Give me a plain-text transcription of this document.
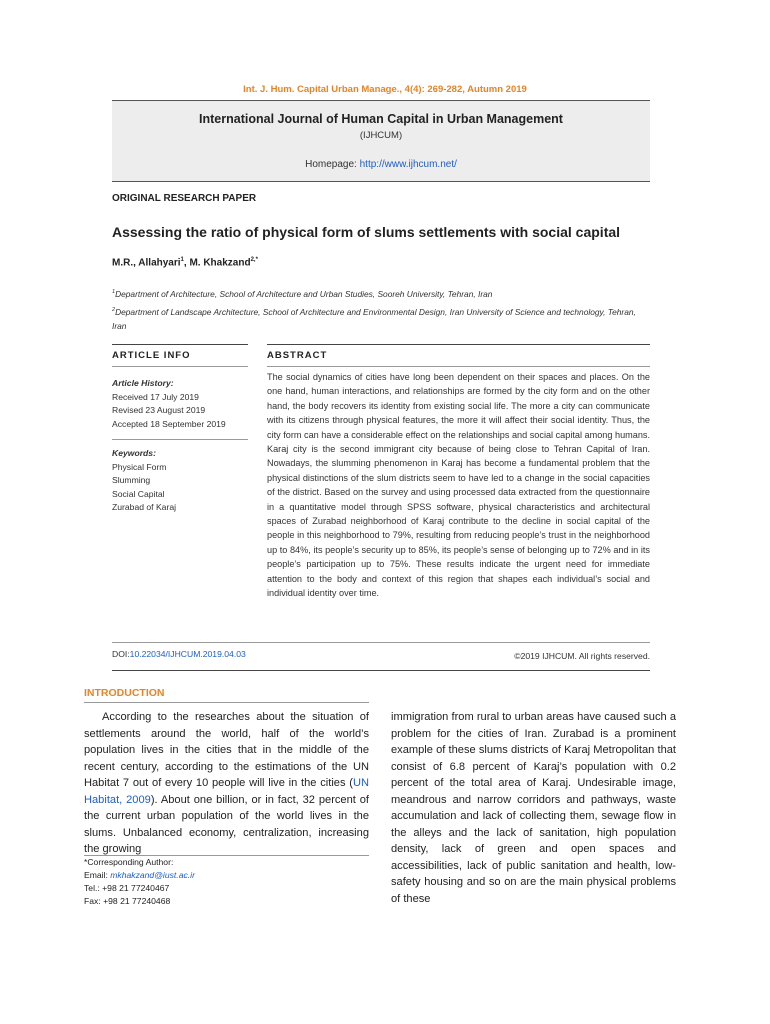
Int. J. Hum. Capital Urban Manage., 4(4): 269-282, Autumn 2019
International Journal of Human Capital in Urban Management
(IJHCUM)
Homepage: http://www.ijhcum.net/
ORIGINAL RESEARCH PAPER
Assessing the ratio of physical form of slums settlements with social capital
M.R., Allahyari$^1$, M. Khakzand$^{2,*}$
$^1$Department of Architecture, School of Architecture and Urban Studies, Sooreh University, Tehran, Iran
$^2$Department of Landscape Architecture, School of Architecture and Environmental Design, Iran University of Science and technology, Tehran, Iran
ARTICLE INFO	ABSTRACT
Article History:
Received 17 July 2019
Revised 23 August 2019
Accepted 18 September 2019
Keywords:
Physical Form
Slumming
Social Capital
Zurabad of Karaj
The social dynamics of cities have long been dependent on their spaces and places. On the one hand, human interactions, and relationships are formed by the city form and on the other hand, the body recovers its identity from existing social life. The more a city can communicate with its citizens through physical features, the more it will affect their social identity. Thus, the city form can have a considerable effect on the relationships and social capital among humans. Karaj city is the second immigrant city because of being close to Tehran Capital of Iran. Nowadays, the slumming phenomenon in Karaj has become a fundamental problem that the physical distinctions of the slum districts seem to have led to a change in the social capacities of the district. Based on the survey and using processed data extracted from the questionnaire in a quantitative model through SPSS software, physical characteristics and architectural spaces of Zurabad neighborhood of Karaj contribute to the decline in social capital of the people in this neighborhood to 79%, resulting from reducing people’s trust in the neighborhood up to 84%, its people’s security up to 85%, its people’s sense of belonging up to 72% and in its people’s participation up to 75%. These results indicate the urgent need for immediate attention to the body and context of this region that shapes each individual’s social and individual identity over time.
DOI:10.22034/IJHCUM.2019.04.03	©2019 IJHCUM. All rights reserved.
INTRODUCTION
According to the researches about the situation of settlements around the world, half of the world’s population lives in the cities that in the middle of the recent century, according to the estimations of the UN Habitat 7 out of every 10 people will live in the cities (UN Habitat, 2009). About one billion, or in fact, 32 percent of the current urban population of the world lives in the slums. Unbalanced economy, centralization, increasing the growing
immigration from rural to urban areas have caused such a problem for the cities of Iran. Zurabad is a prominent example of these slums districts of Karaj Metropolitan that consist of 6.8 percent of Karaj’s population with 0.2 percent of the total area of Karaj. Undesirable image, meandrous and narrow corridors and pathways, waste accumulation and lack of collecting them, sewage flow in the alleys and the lack of sanitation, high population density, lack of green and open spaces and accessibilities, lack of public sanitation and health, low-safety housing and so on are the main physical problems of these
*Corresponding Author:
Email: mkhakzand@iust.ac.ir
Tel.: +98 21 77240467
Fax: +98 21 77240468
